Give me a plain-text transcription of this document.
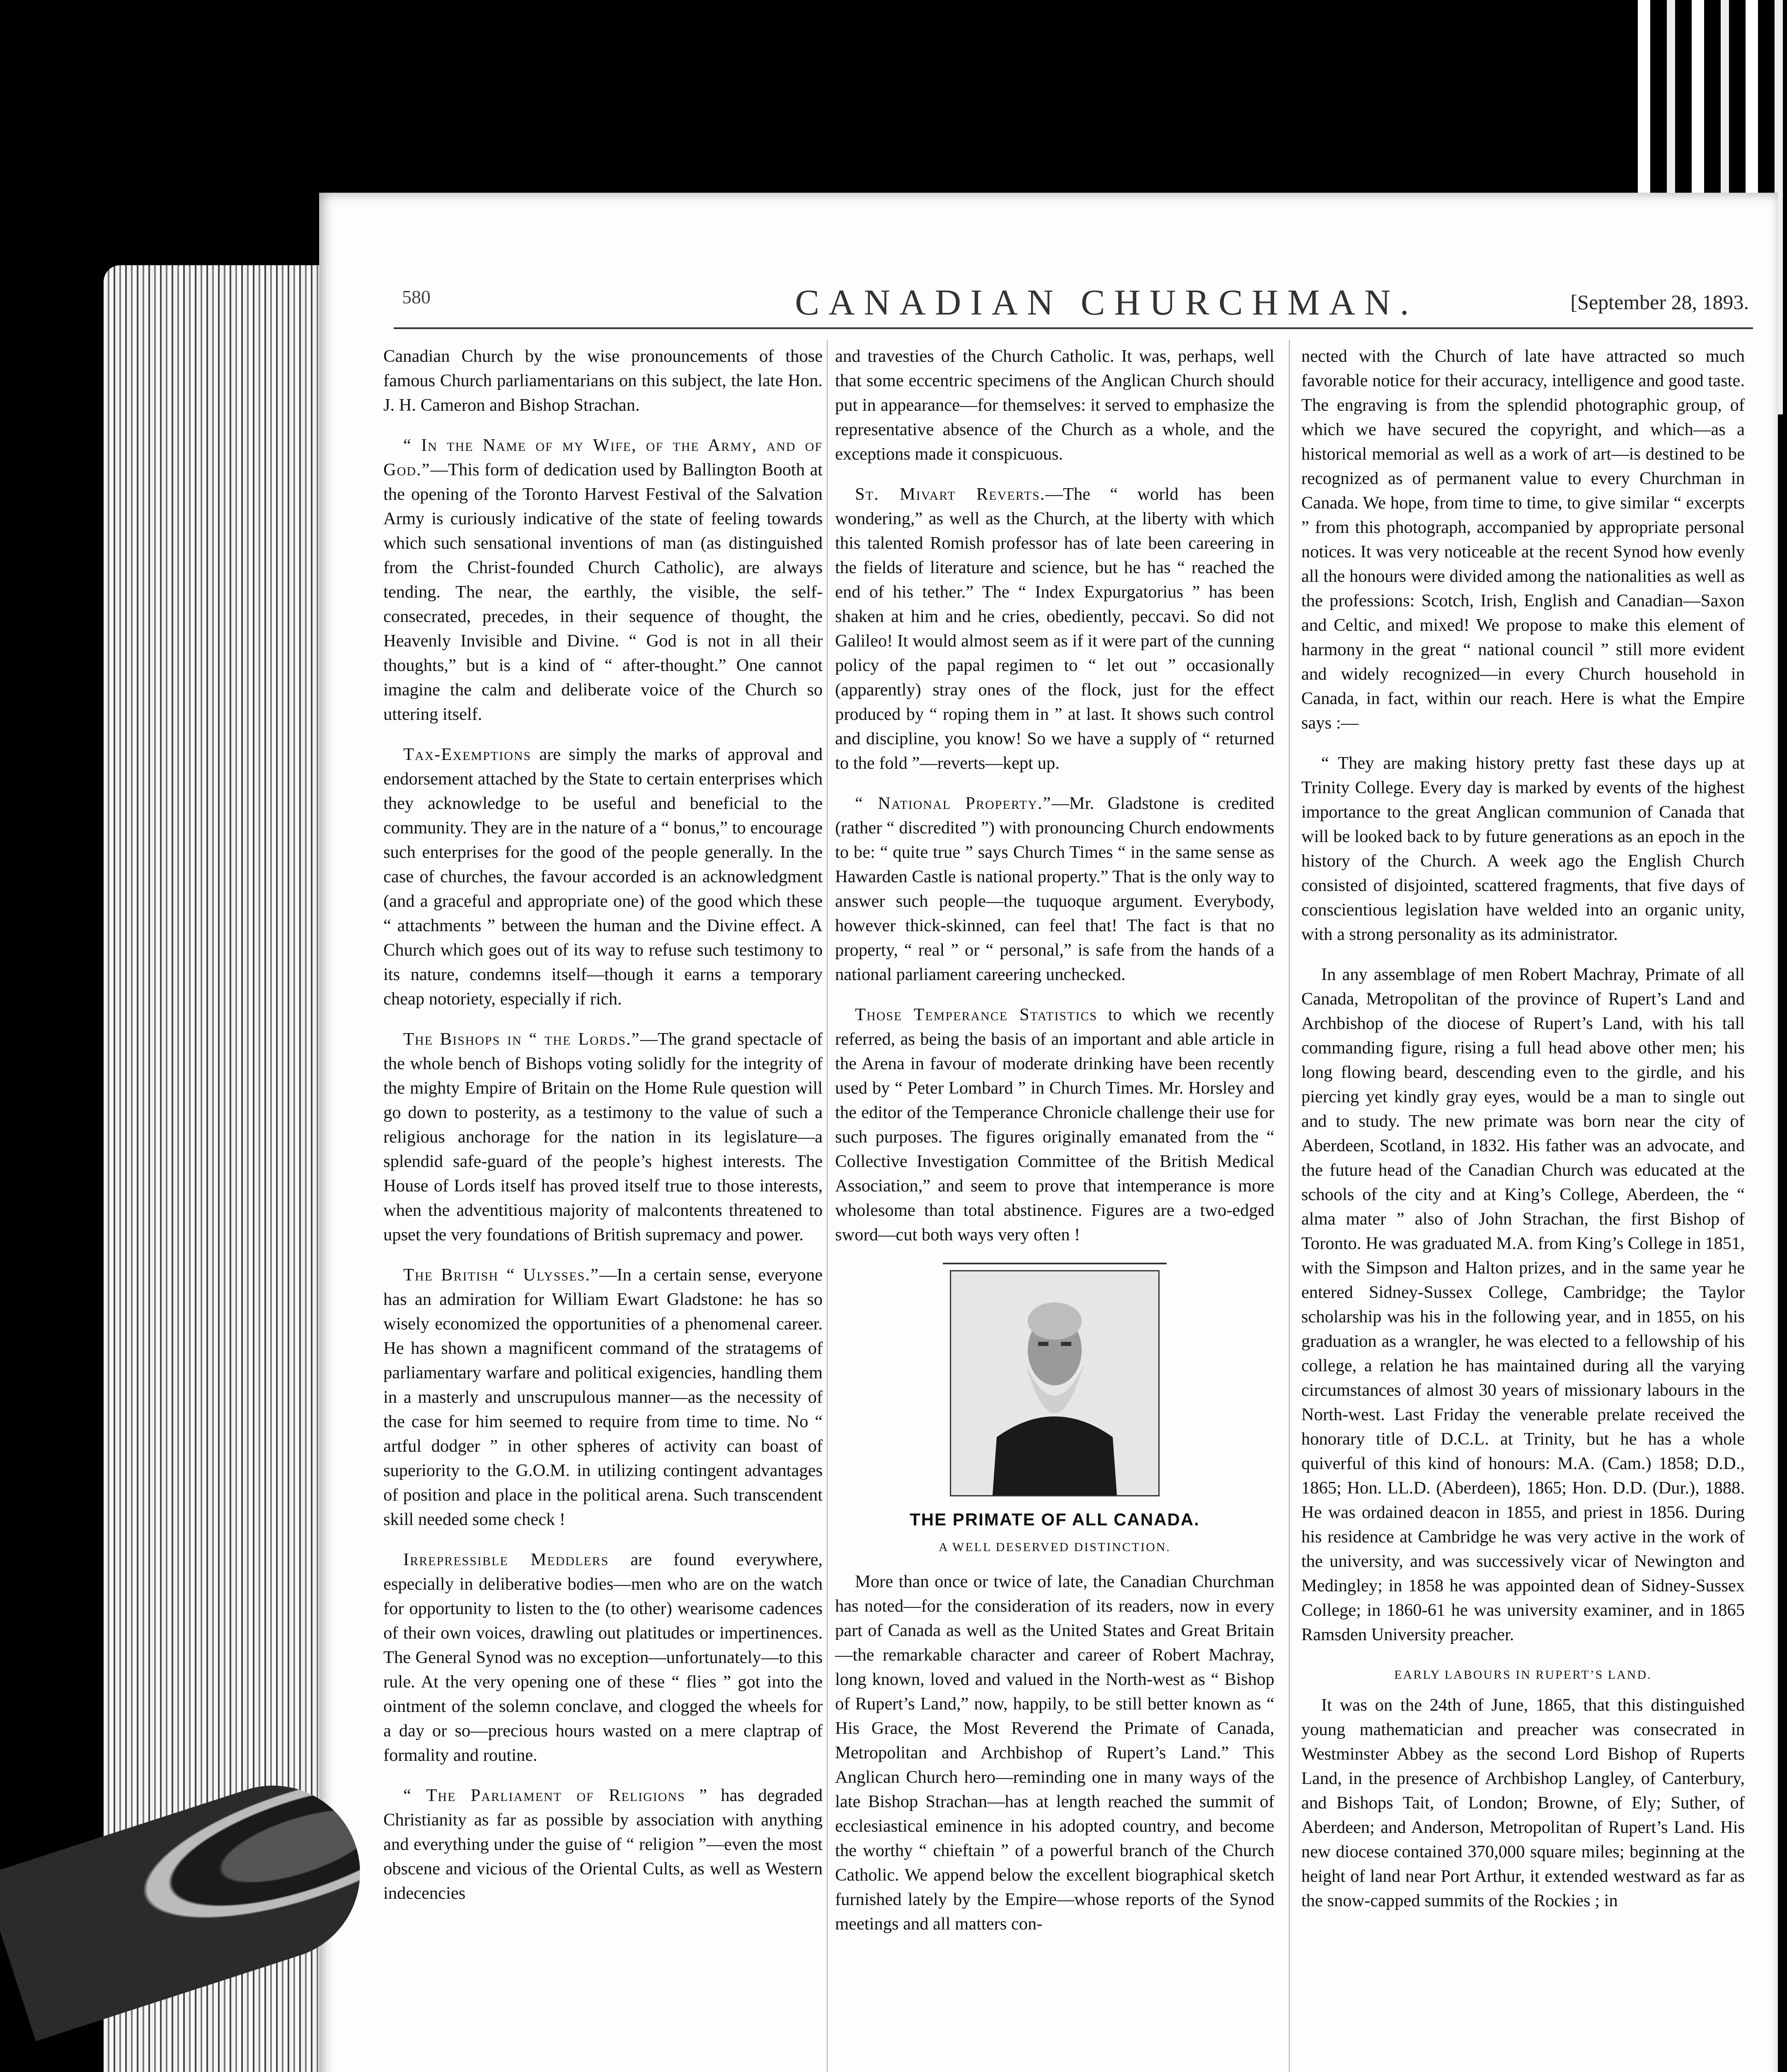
580	CANADIAN CHURCHMAN.	[September 28, 1893.

Canadian Church by the wise pronouncements of those famous Church parliamentarians on this subject, the late Hon. J. H. Cameron and Bishop Strachan.

“ In the Name of my Wife, of the Army, and of God.”—This form of dedication used by Ballington Booth at the opening of the Toronto Harvest Festival of the Salvation Army is curiously indicative of the state of feeling towards which such sensational inventions of man (as distinguished from the Christ-founded Church Catholic), are always tending. The near, the earthly, the visible, the self-consecrated, precedes, in their sequence of thought, the Heavenly Invisible and Divine. “ God is not in all their thoughts,” but is a kind of “ after-thought.” One cannot imagine the calm and deliberate voice of the Church so uttering itself.

Tax-Exemptions are simply the marks of approval and endorsement attached by the State to certain enterprises which they acknowledge to be useful and beneficial to the community. They are in the nature of a “ bonus,” to encourage such enterprises for the good of the people generally. In the case of churches, the favour accorded is an acknowledgment (and a graceful and appropriate one) of the good which these “ attachments ” between the human and the Divine effect. A Church which goes out of its way to refuse such testimony to its nature, condemns itself—though it earns a temporary cheap notoriety, especially if rich.

The Bishops in “ the Lords.”—The grand spectacle of the whole bench of Bishops voting solidly for the integrity of the mighty Empire of Britain on the Home Rule question will go down to posterity, as a testimony to the value of such a religious anchorage for the nation in its legislature—a splendid safe-guard of the people’s highest interests. The House of Lords itself has proved itself true to those interests, when the adventitious majority of malcontents threatened to upset the very foundations of British supremacy and power.

The British “ Ulysses.”—In a certain sense, everyone has an admiration for William Ewart Gladstone: he has so wisely economized the opportunities of a phenomenal career. He has shown a magnificent command of the stratagems of parliamentary warfare and political exigencies, handling them in a masterly and unscrupulous manner—as the necessity of the case for him seemed to require from time to time. No “ artful dodger ” in other spheres of activity can boast of superiority to the G.O.M. in utilizing contingent advantages of position and place in the political arena. Such transcendent skill needed some check !

Irrepressible Meddlers are found everywhere, especially in deliberative bodies—men who are on the watch for opportunity to listen to the (to other) wearisome cadences of their own voices, drawling out platitudes or impertinences. The General Synod was no exception—unfortunately—to this rule. At the very opening one of these “ flies ” got into the ointment of the solemn conclave, and clogged the wheels for a day or so—precious hours wasted on a mere claptrap of formality and routine.

“ The Parliament of Religions ” has degraded Christianity as far as possible by association with anything and everything under the guise of “ religion ”—even the most obscene and vicious of the Oriental Cults, as well as Western indecencies

and travesties of the Church Catholic. It was, perhaps, well that some eccentric specimens of the Anglican Church should put in appearance—for themselves: it served to emphasize the representative absence of the Church as a whole, and the exceptions made it conspicuous.

St. Mivart Reverts.—The “ world has been wondering,” as well as the Church, at the liberty with which this talented Romish professor has of late been careering in the fields of literature and science, but he has “ reached the end of his tether.” The “ Index Expurgatorius ” has been shaken at him and he cries, obediently, peccavi. So did not Galileo! It would almost seem as if it were part of the cunning policy of the papal regimen to “ let out ” occasionally (apparently) stray ones of the flock, just for the effect produced by “ roping them in ” at last. It shows such control and discipline, you know! So we have a supply of “ returned to the fold ”—reverts—kept up.

“ National Property.”—Mr. Gladstone is credited (rather “ discredited ”) with pronouncing Church endowments to be: “ quite true ” says Church Times “ in the same sense as Hawarden Castle is national property.” That is the only way to answer such people—the tuquoque argument. Everybody, however thick-skinned, can feel that! The fact is that no property, “ real ” or “ personal,” is safe from the hands of a national parliament careering unchecked.

Those Temperance Statistics to which we recently referred, as being the basis of an important and able article in the Arena in favour of moderate drinking have been recently used by “ Peter Lombard ” in Church Times. Mr. Horsley and the editor of the Temperance Chronicle challenge their use for such purposes. The figures originally emanated from the “ Collective Investigation Committee of the British Medical Association,” and seem to prove that intemperance is more wholesome than total abstinence. Figures are a two-edged sword—cut both ways very often !

THE PRIMATE OF ALL CANADA.
A WELL DESERVED DISTINCTION.

More than once or twice of late, the Canadian Churchman has noted—for the consideration of its readers, now in every part of Canada as well as the United States and Great Britain—the remarkable character and career of Robert Machray, long known, loved and valued in the North-west as “ Bishop of Rupert’s Land,” now, happily, to be still better known as “ His Grace, the Most Reverend the Primate of Canada, Metropolitan and Archbishop of Rupert’s Land.” This Anglican Church hero—reminding one in many ways of the late Bishop Strachan—has at length reached the summit of ecclesiastical eminence in his adopted country, and become the worthy “ chieftain ” of a powerful branch of the Church Catholic. We append below the excellent biographical sketch furnished lately by the Empire—whose reports of the Synod meetings and all matters con-

nected with the Church of late have attracted so much favorable notice for their accuracy, intelligence and good taste. The engraving is from the splendid photographic group, of which we have secured the copyright, and which—as a historical memorial as well as a work of art—is destined to be recognized as of permanent value to every Churchman in Canada. We hope, from time to time, to give similar “ excerpts ” from this photograph, accompanied by appropriate personal notices. It was very noticeable at the recent Synod how evenly all the honours were divided among the nationalities as well as the professions: Scotch, Irish, English and Canadian—Saxon and Celtic, and mixed! We propose to make this element of harmony in the great “ national council ” still more evident and widely recognized—in every Church household in Canada, in fact, within our reach. Here is what the Empire says :—

“ They are making history pretty fast these days up at Trinity College. Every day is marked by events of the highest importance to the great Anglican communion of Canada that will be looked back to by future generations as an epoch in the history of the Church. A week ago the English Church consisted of disjointed, scattered fragments, that five days of conscientious legislation have welded into an organic unity, with a strong personality as its administrator.

In any assemblage of men Robert Machray, Primate of all Canada, Metropolitan of the province of Rupert’s Land and Archbishop of the diocese of Rupert’s Land, with his tall commanding figure, rising a full head above other men; his long flowing beard, descending even to the girdle, and his piercing yet kindly gray eyes, would be a man to single out and to study. The new primate was born near the city of Aberdeen, Scotland, in 1832. His father was an advocate, and the future head of the Canadian Church was educated at the schools of the city and at King’s College, Aberdeen, the “ alma mater ” also of John Strachan, the first Bishop of Toronto. He was graduated M.A. from King’s College in 1851, with the Simpson and Halton prizes, and in the same year he entered Sidney-Sussex College, Cambridge; the Taylor scholarship was his in the following year, and in 1855, on his graduation as a wrangler, he was elected to a fellowship of his college, a relation he has maintained during all the varying circumstances of almost 30 years of missionary labours in the North-west. Last Friday the venerable prelate received the honorary title of D.C.L. at Trinity, but he has a whole quiverful of this kind of honours: M.A. (Cam.) 1858; D.D., 1865; Hon. LL.D. (Aberdeen), 1865; Hon. D.D. (Dur.), 1888. He was ordained deacon in 1855, and priest in 1856. During his residence at Cambridge he was very active in the work of the university, and was successively vicar of Newington and Medingley; in 1858 he was appointed dean of Sidney-Sussex College; in 1860-61 he was university examiner, and in 1865 Ramsden University preacher.

EARLY LABOURS IN RUPERT’S LAND.

It was on the 24th of June, 1865, that this distinguished young mathematician and preacher was consecrated in Westminster Abbey as the second Lord Bishop of Ruperts Land, in the presence of Archbishop Langley, of Canterbury, and Bishops Tait, of London; Browne, of Ely; Suther, of Aberdeen; and Anderson, Metropolitan of Rupert’s Land. His new diocese contained 370,000 square miles; beginning at the height of land near Port Arthur, it extended westward as far as the snow-capped summits of the Rockies ; in
